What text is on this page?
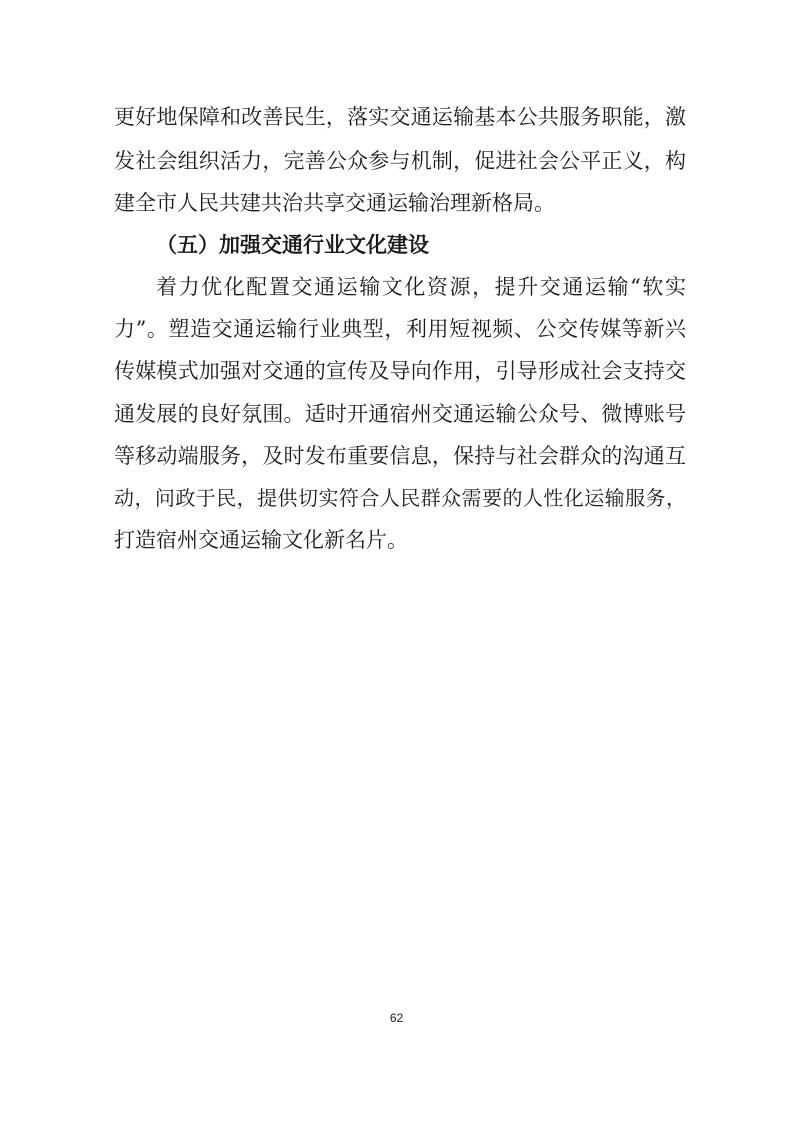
更好地保障和改善民生，落实交通运输基本公共服务职能，激
发社会组织活力，完善公众参与机制，促进社会公平正义，构
建全市人民共建共治共享交通运输治理新格局。
（五）加强交通行业文化建设
着力优化配置交通运输文化资源，提升交通运输“软实
力”。塑造交通运输行业典型，利用短视频、公交传媒等新兴
传媒模式加强对交通的宣传及导向作用，引导形成社会支持交
通发展的良好氛围。适时开通宿州交通运输公众号、微博账号
等移动端服务，及时发布重要信息，保持与社会群众的沟通互
动，问政于民，提供切实符合人民群众需要的人性化运输服务，
打造宿州交通运输文化新名片。
62
